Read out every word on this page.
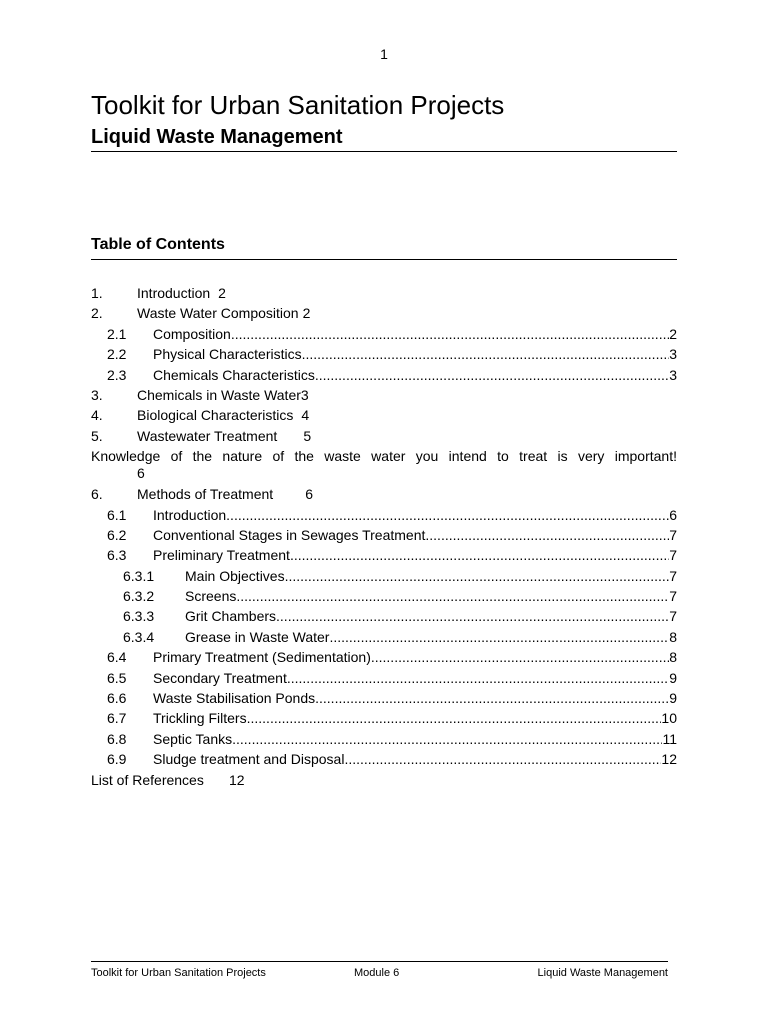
1
Toolkit for Urban Sanitation Projects
Liquid Waste Management
Table of Contents
1. Introduction 2
2. Waste Water Composition 2
2.1 Composition .....	2
2.2 Physical Characteristics .....	3
2.3 Chemicals Characteristics .....	3
3. Chemicals in Waste Water3
4. Biological Characteristics 4
5. Wastewater Treatment 5
Knowledge of the nature of the waste water you intend to treat is very important!
6
6. Methods of Treatment 6
6.1 Introduction .....	6
6.2 Conventional Stages in Sewages Treatment .....	7
6.3 Preliminary Treatment .....	7
6.3.1 Main Objectives .....	7
6.3.2 Screens .....	7
6.3.3 Grit Chambers .....	7
6.3.4 Grease in Waste Water .....	8
6.4 Primary Treatment (Sedimentation) .....	8
6.5 Secondary Treatment .....	9
6.6 Waste Stabilisation Ponds .....	9
6.7 Trickling Filters .....	10
6.8 Septic Tanks .....	11
6.9 Sludge treatment and Disposal .....	12
List of References 12
Toolkit for Urban Sanitation Projects	Module 6	Liquid Waste Management
